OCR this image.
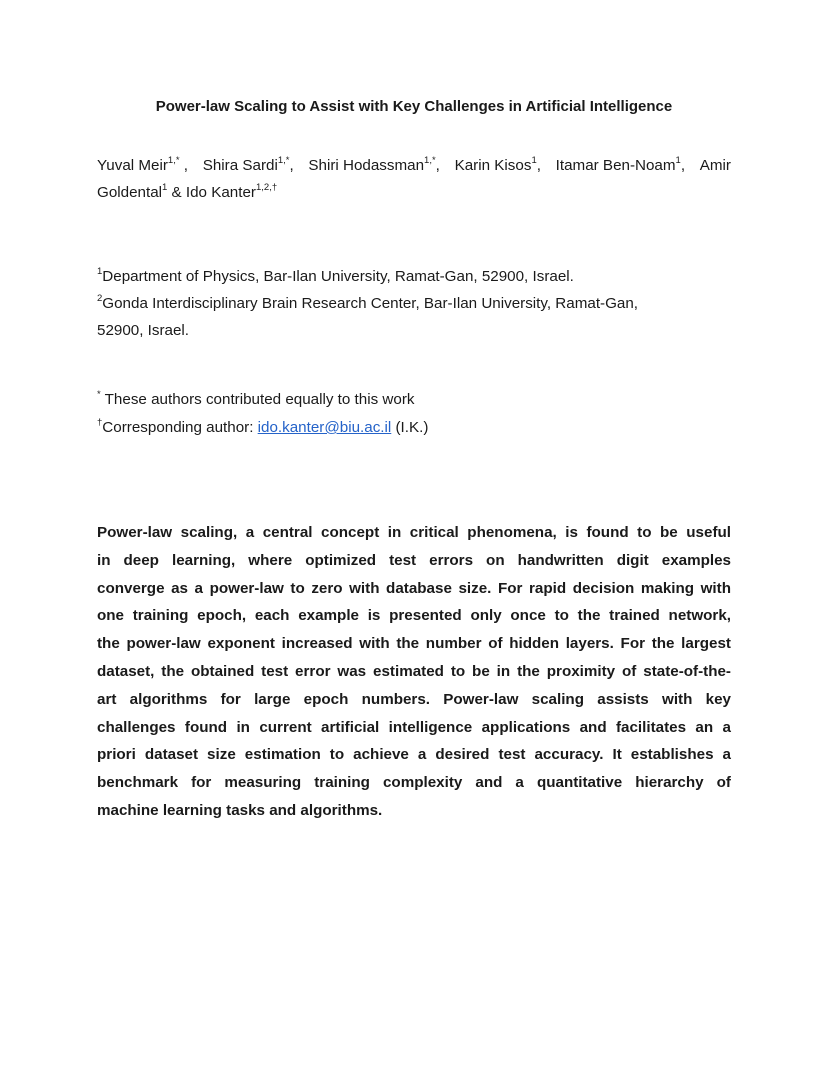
Power-law Scaling to Assist with Key Challenges in Artificial Intelligence
Yuval Meir$^{1,*}$ , Shira Sardi$^{1,*}$, Shiri Hodassman$^{1,*}$, Karin Kisos$^1$, Itamar Ben-Noam$^1$, Amir
Goldental$^1$ & Ido Kanter$^{1,2,\dagger}$
$^1$Department of Physics, Bar-Ilan University, Ramat-Gan, 52900, Israel.
$^2$Gonda Interdisciplinary Brain Research Center, Bar-Ilan University, Ramat-Gan,
52900, Israel.
* These authors contributed equally to this work
†Corresponding author: ido.kanter@biu.ac.il (I.K.)
Power-law scaling, a central concept in critical phenomena, is found to be useful
in deep learning, where optimized test errors on handwritten digit examples
converge as a power-law to zero with database size. For rapid decision making with
one training epoch, each example is presented only once to the trained network,
the power-law exponent increased with the number of hidden layers. For the largest
dataset, the obtained test error was estimated to be in the proximity of state-of-the-
art algorithms for large epoch numbers. Power-law scaling assists with key
challenges found in current artificial intelligence applications and facilitates an a
priori dataset size estimation to achieve a desired test accuracy. It establishes a
benchmark for measuring training complexity and a quantitative hierarchy of
machine learning tasks and algorithms.
